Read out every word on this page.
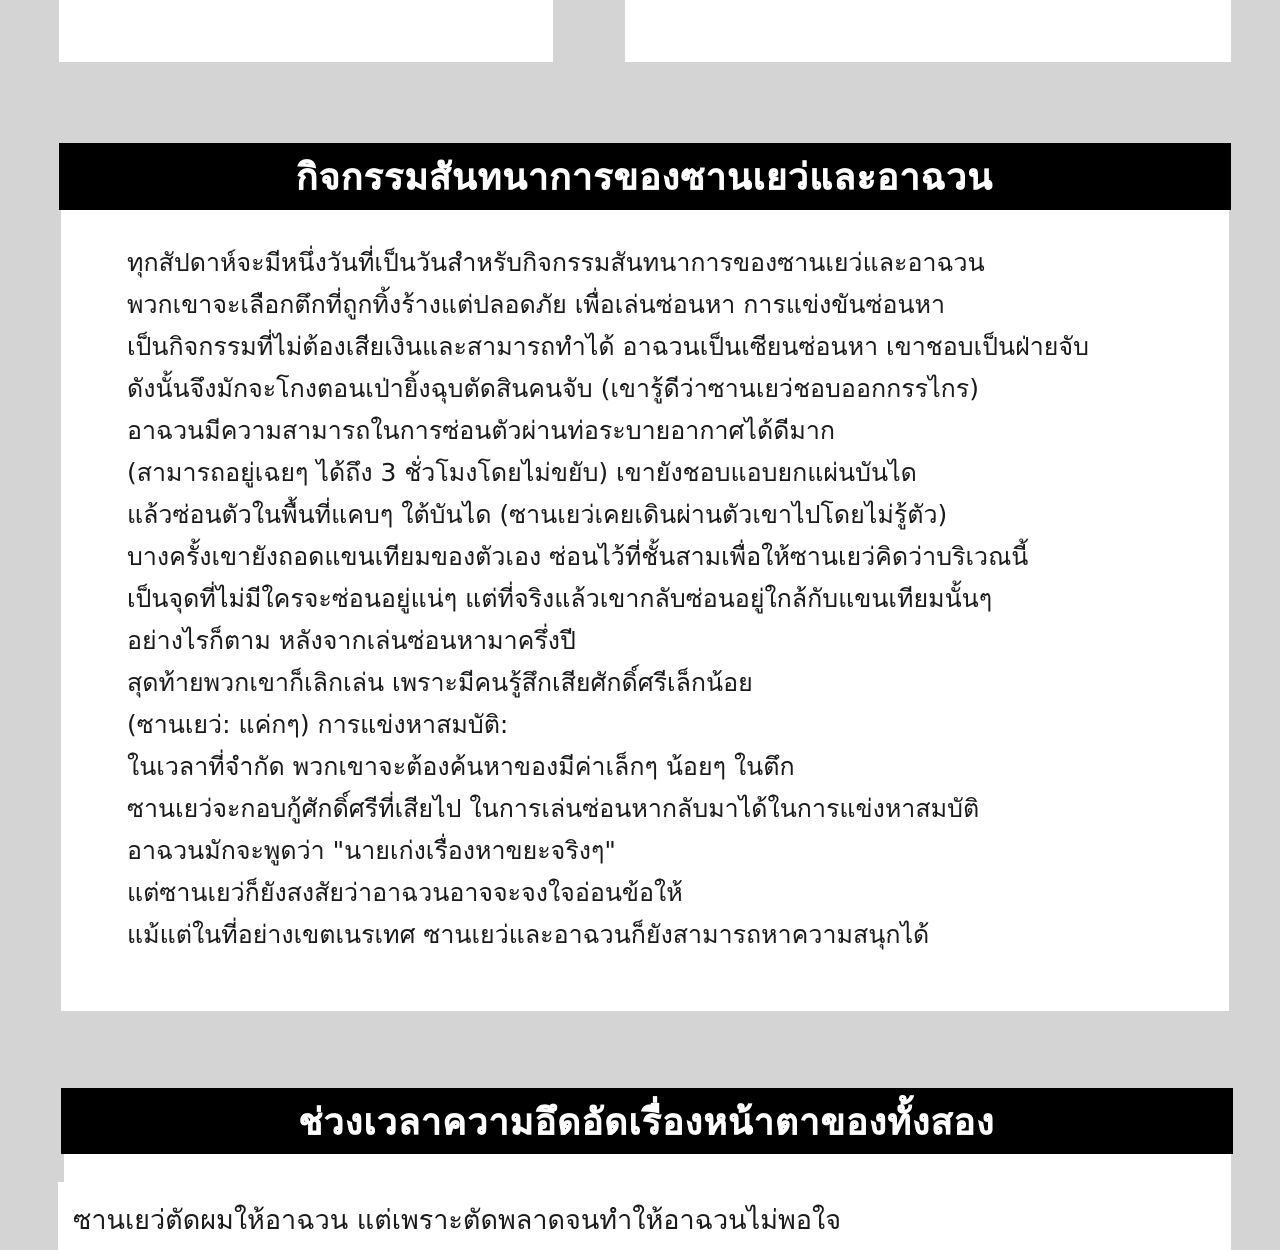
กิจกรรมสันทนาการของซานเยว่และอาฉวน
ทุกสัปดาห์จะมีหนึ่งวันที่เป็นวันสำหรับกิจกรรมสันทนาการของซานเยว่และอาฉวน
พวกเขาจะเลือกตึกที่ถูกทิ้งร้างแต่ปลอดภัย เพื่อเล่นซ่อนหา การแข่งขันซ่อนหา
เป็นกิจกรรมที่ไม่ต้องเสียเงินและสามารถทำได้ อาฉวนเป็นเซียนซ่อนหา เขาชอบเป็นฝ่ายจับ
ดังนั้นจึงมักจะโกงตอนเป่ายิ้งฉุบตัดสินคนจับ (เขารู้ดีว่าซานเยว่ชอบออกกรรไกร)
อาฉวนมีความสามารถในการซ่อนตัวผ่านท่อระบายอากาศได้ดีมาก
(สามารถอยู่เฉยๆ ได้ถึง 3 ชั่วโมงโดยไม่ขยับ) เขายังชอบแอบยกแผ่นบันได
แล้วซ่อนตัวในพื้นที่แคบๆ ใต้บันได (ซานเยว่เคยเดินผ่านตัวเขาไปโดยไม่รู้ตัว)
บางครั้งเขายังถอดแขนเทียมของตัวเอง ซ่อนไว้ที่ชั้นสามเพื่อให้ซานเยว่คิดว่าบริเวณนี้
เป็นจุดที่ไม่มีใครจะซ่อนอยู่แน่ๆ แต่ที่จริงแล้วเขากลับซ่อนอยู่ใกล้กับแขนเทียมนั้นๆ
อย่างไรก็ตาม หลังจากเล่นซ่อนหามาครึ่งปี
สุดท้ายพวกเขาก็เลิกเล่น เพราะมีคนรู้สึกเสียศักดิ์ศรีเล็กน้อย
(ซานเยว่: แค่กๆ) การแข่งหาสมบัติ:
ในเวลาที่จำกัด พวกเขาจะต้องค้นหาของมีค่าเล็กๆ น้อยๆ ในตึก
ซานเยว่จะกอบกู้ศักดิ์ศรีที่เสียไป ในการเล่นซ่อนหากลับมาได้ในการแข่งหาสมบัติ
อาฉวนมักจะพูดว่า "นายเก่งเรื่องหาขยะจริงๆ"
แต่ซานเยว่ก็ยังสงสัยว่าอาฉวนอาจจะจงใจอ่อนข้อให้
แม้แต่ในที่อย่างเขตเนรเทศ ซานเยว่และอาฉวนก็ยังสามารถหาความสนุกได้
ช่วงเวลาความอึดอัดเรื่องหน้าตาของทั้งสอง
ซานเยว่ตัดผมให้อาฉวน แต่เพราะตัดพลาดจนทำให้อาฉวนไม่พอใจ
